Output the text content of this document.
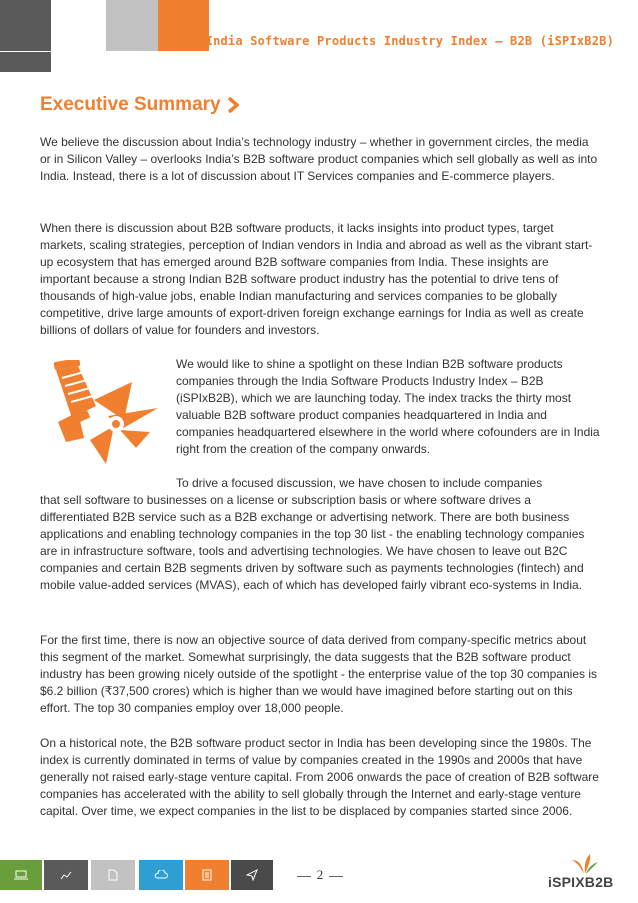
India Software Products Industry Index – B2B (iSPIxB2B)
Executive Summary

We believe the discussion about India’s technology industry – whether in government circles, the media or in Silicon Valley – overlooks India’s B2B software product companies which sell globally as well as into India. Instead, there is a lot of discussion about IT Services companies and E-commerce players.

When there is discussion about B2B software products, it lacks insights into product types, target markets, scaling strategies, perception of Indian vendors in India and abroad as well as the vibrant start-up ecosystem that has emerged around B2B software companies from India. These insights are important because a strong Indian B2B software product industry has the potential to drive tens of thousands of high-value jobs, enable Indian manufacturing and services companies to be globally competitive, drive large amounts of export-driven foreign exchange earnings for India as well as create billions of dollars of value for founders and investors.

We would like to shine a spotlight on these Indian B2B software products companies through the India Software Products Industry Index – B2B (iSPIxB2B), which we are launching today. The index tracks the thirty most valuable B2B software product companies headquartered in India and companies headquartered elsewhere in the world where cofounders are in India right from the creation of the company onwards.

To drive a focused discussion, we have chosen to include companies
that sell software to businesses on a license or subscription basis or where software drives a differentiated B2B service such as a B2B exchange or advertising network. There are both business applications and enabling technology companies in the top 30 list - the enabling technology companies are in infrastructure software, tools and advertising technologies. We have chosen to leave out B2C companies and certain B2B segments driven by software such as payments technologies (fintech) and mobile value-added services (MVAS), each of which has developed fairly vibrant eco-systems in India.

For the first time, there is now an objective source of data derived from company-specific metrics about this segment of the market. Somewhat surprisingly, the data suggests that the B2B software product industry has been growing nicely outside of the spotlight - the enterprise value of the top 30 companies is $6.2 billion (₹37,500 crores) which is higher than we would have imagined before starting out on this effort. The top 30 companies employ over 18,000 people.

On a historical note, the B2B software product sector in India has been developing since the 1980s. The index is currently dominated in terms of value by companies created in the 1990s and 2000s that have generally not raised early-stage venture capital. From 2006 onwards the pace of creation of B2B software companies has accelerated with the ability to sell globally through the Internet and early-stage venture capital. Over time, we expect companies in the list to be displaced by companies started since 2006.

2	iSPIXB2B
